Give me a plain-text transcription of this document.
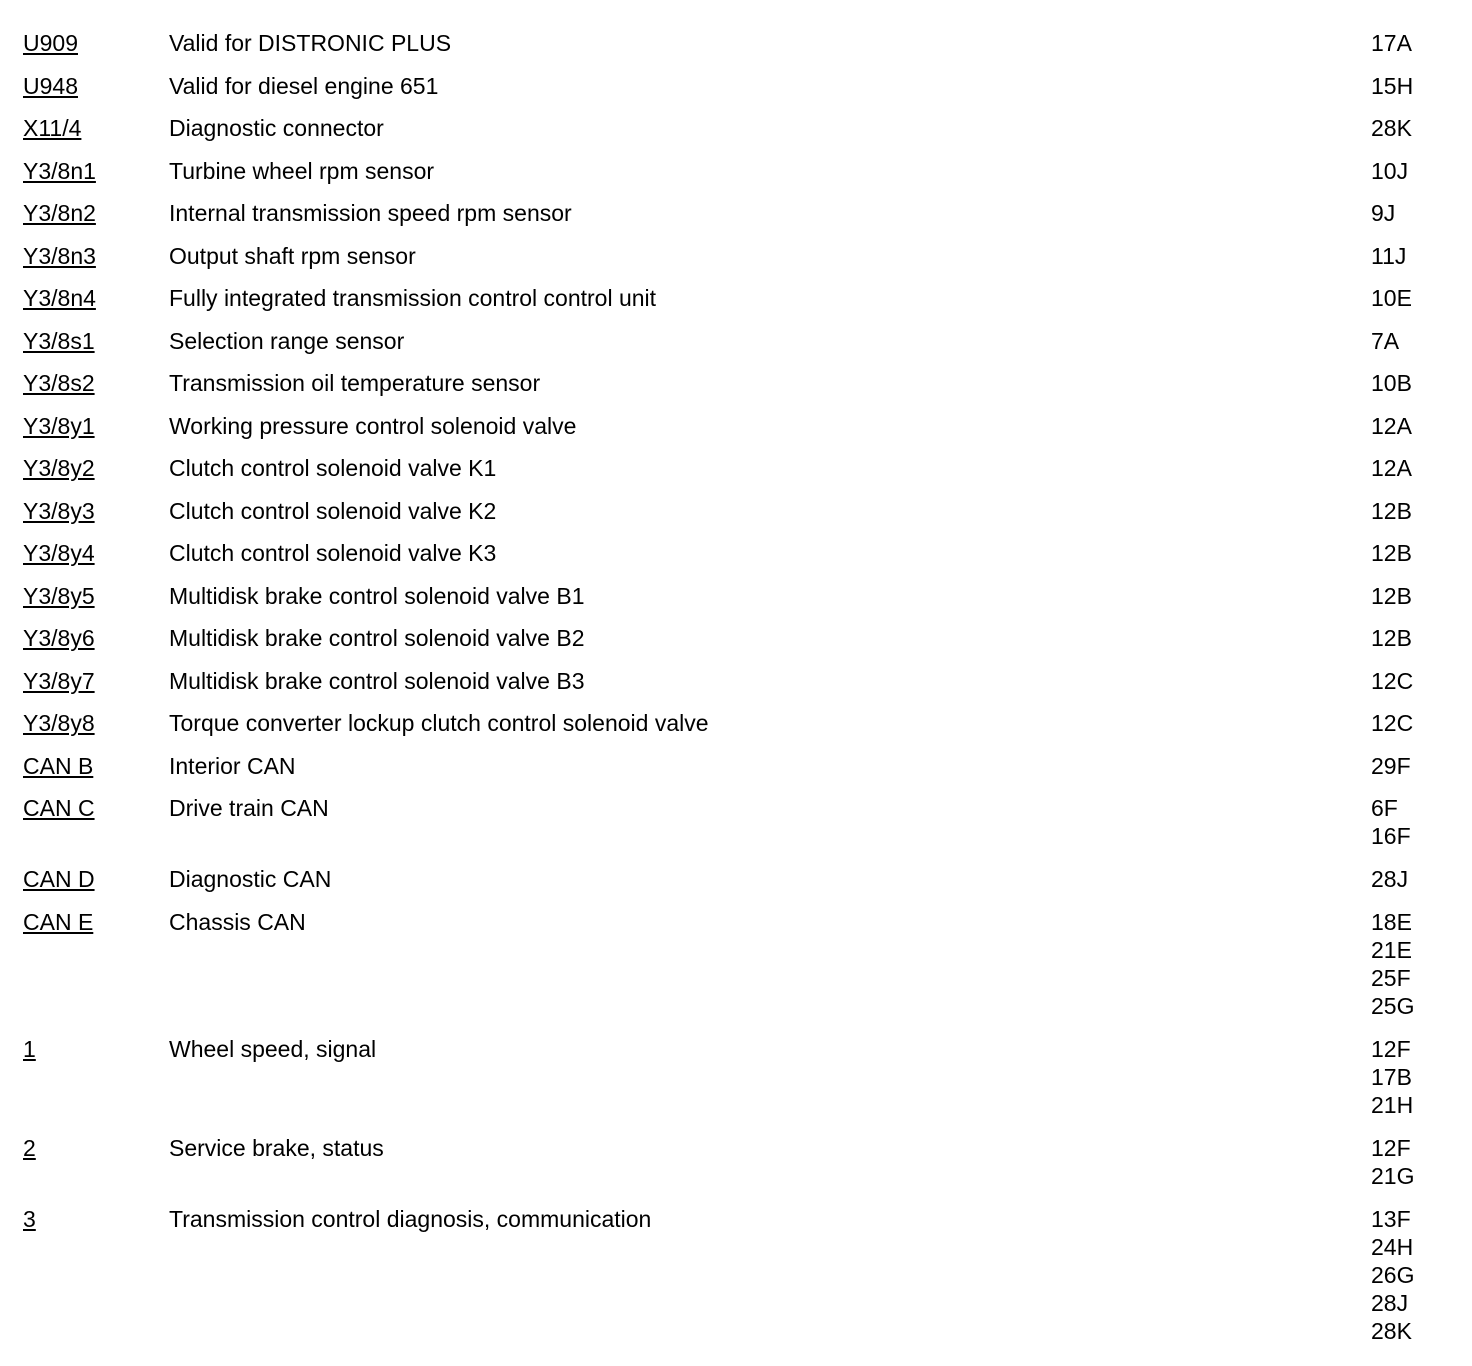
U909	Valid for DISTRONIC PLUS	17A
U948	Valid for diesel engine 651	15H
X11/4	Diagnostic connector	28K
Y3/8n1	Turbine wheel rpm sensor	10J
Y3/8n2	Internal transmission speed rpm sensor	9J
Y3/8n3	Output shaft rpm sensor	11J
Y3/8n4	Fully integrated transmission control control unit	10E
Y3/8s1	Selection range sensor	7A
Y3/8s2	Transmission oil temperature sensor	10B
Y3/8y1	Working pressure control solenoid valve	12A
Y3/8y2	Clutch control solenoid valve K1	12A
Y3/8y3	Clutch control solenoid valve K2	12B
Y3/8y4	Clutch control solenoid valve K3	12B
Y3/8y5	Multidisk brake control solenoid valve B1	12B
Y3/8y6	Multidisk brake control solenoid valve B2	12B
Y3/8y7	Multidisk brake control solenoid valve B3	12C
Y3/8y8	Torque converter lockup clutch control solenoid valve	12C
CAN B	Interior CAN	29F
CAN C	Drive train CAN	6F
16F
CAN D	Diagnostic CAN	28J
CAN E	Chassis CAN	18E
21E
25F
25G
1	Wheel speed, signal	12F
17B
21H
2	Service brake, status	12F
21G
3	Transmission control diagnosis, communication	13F
24H
26G
28J
28K
